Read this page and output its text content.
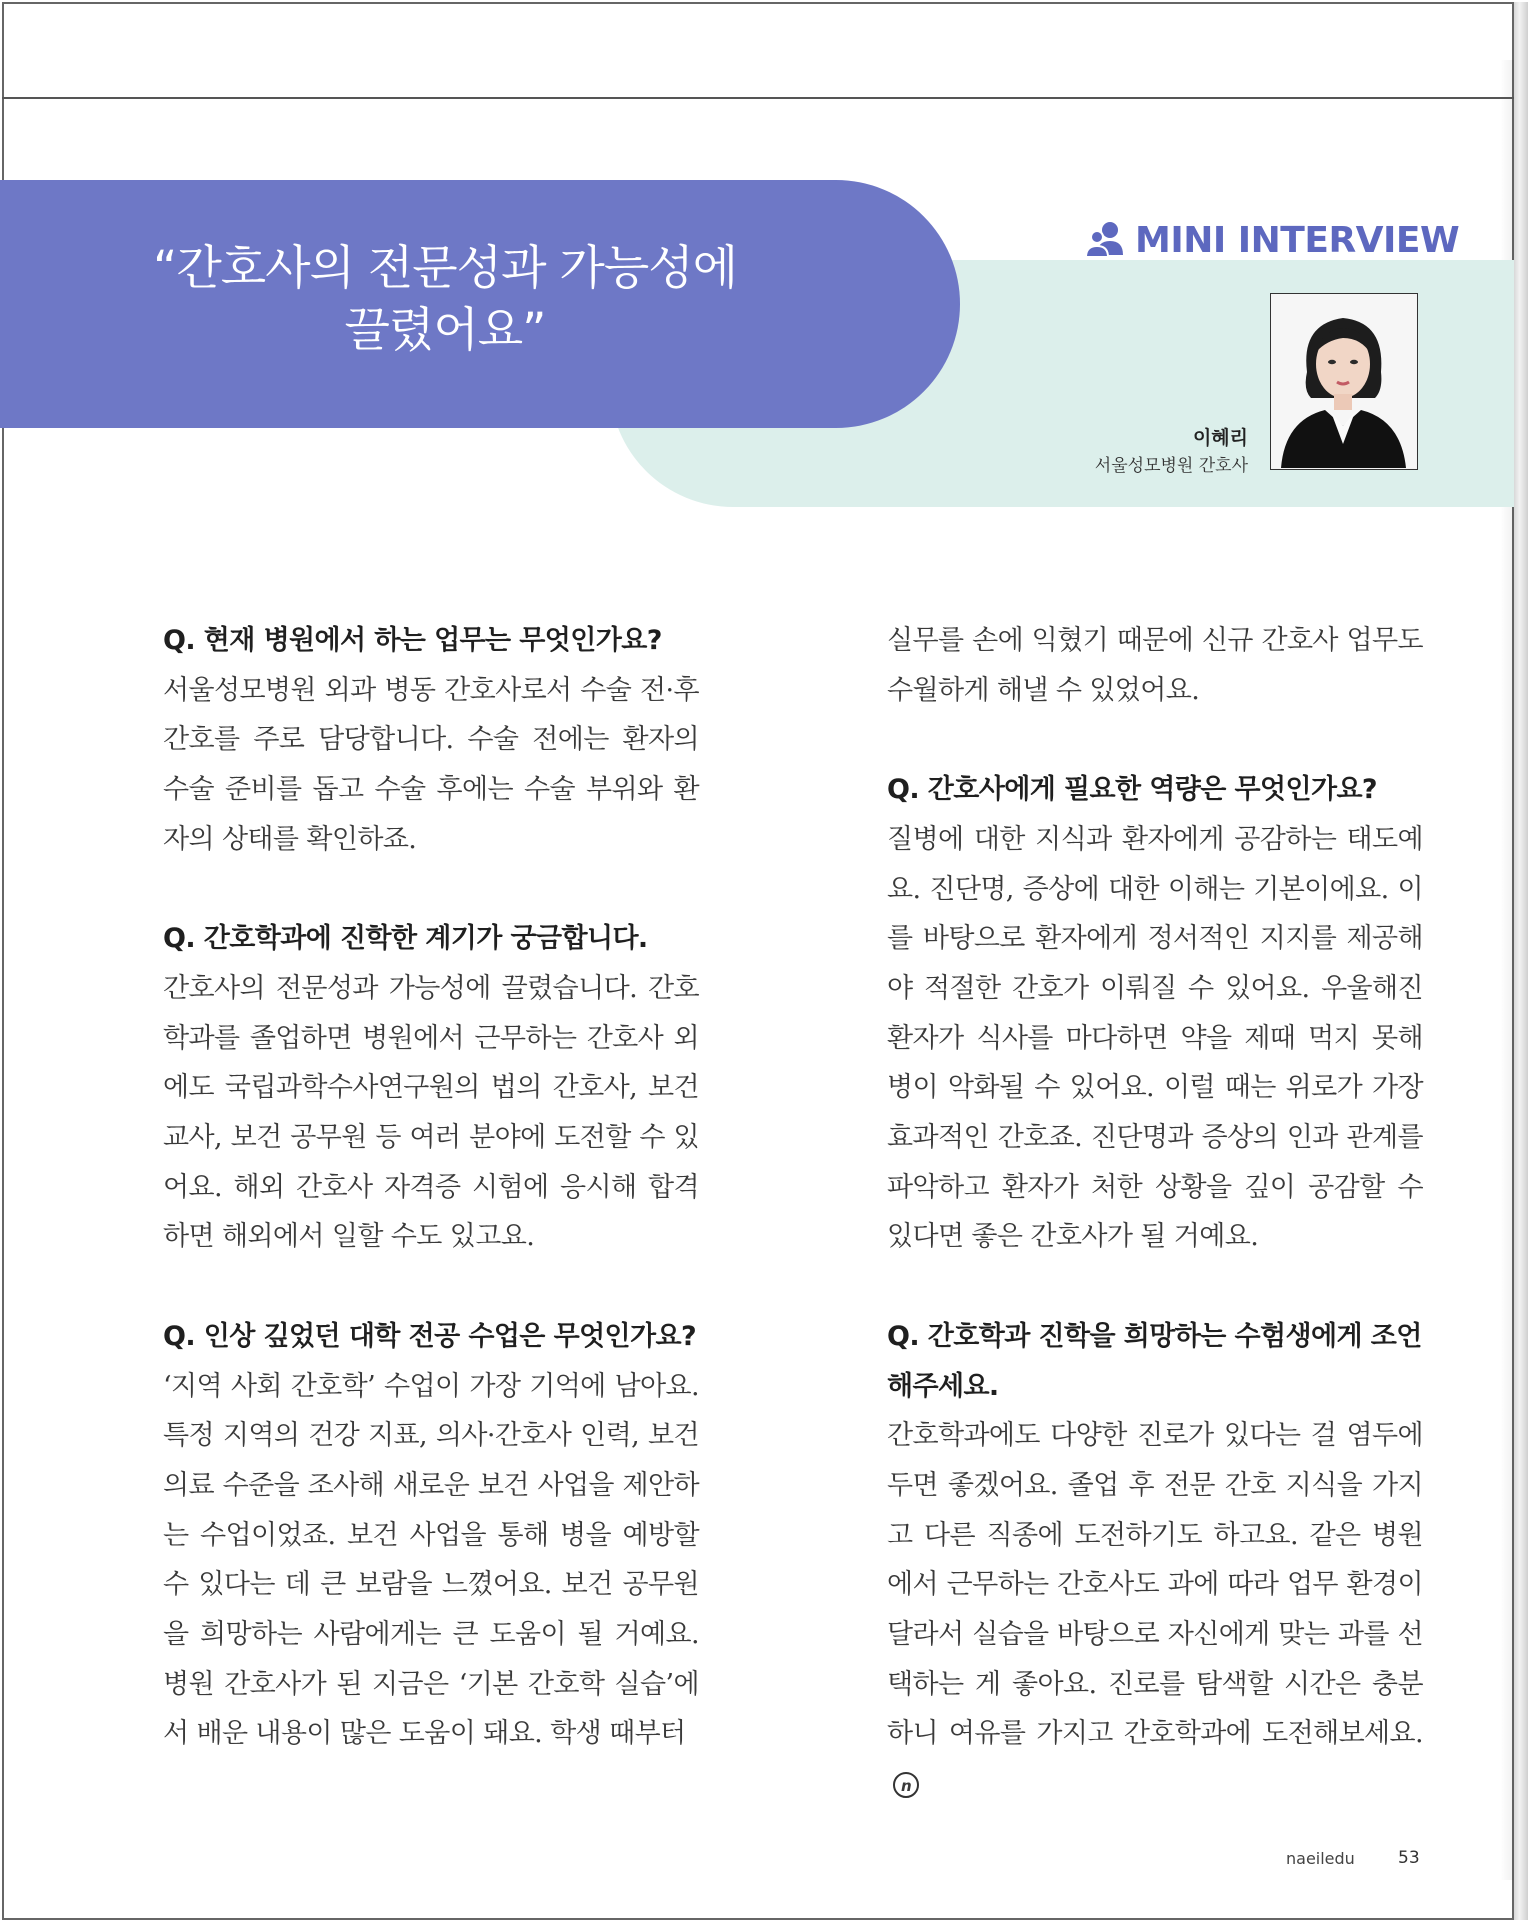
“간호사의 전문성과 가능성에
끌렸어요”
MINI INTERVIEW
이혜리
서울성모병원 간호사

Q. 현재 병원에서 하는 업무는 무엇인가요?

서울성모병원 외과 병동 간호사로서 수술 전·후 간호를 주로 담당합니다. 수술 전에는 환자의 수술 준비를 돕고 수술 후에는 수술 부위와 환자의 상태를 확인하죠.

Q. 간호학과에 진학한 계기가 궁금합니다.

간호사의 전문성과 가능성에 끌렸습니다. 간호학과를 졸업하면 병원에서 근무하는 간호사 외에도 국립과학수사연구원의 법의 간호사, 보건교사, 보건 공무원 등 여러 분야에 도전할 수 있어요. 해외 간호사 자격증 시험에 응시해 합격하면 해외에서 일할 수도 있고요.

Q. 인상 깊었던 대학 전공 수업은 무엇인가요?

‘지역 사회 간호학’ 수업이 가장 기억에 남아요. 특정 지역의 건강 지표, 의사·간호사 인력, 보건 의료 수준을 조사해 새로운 보건 사업을 제안하는 수업이었죠. 보건 사업을 통해 병을 예방할 수 있다는 데 큰 보람을 느꼈어요. 보건 공무원을 희망하는 사람에게는 큰 도움이 될 거예요. 병원 간호사가 된 지금은 ‘기본 간호학 실습’에서 배운 내용이 많은 도움이 돼요. 학생 때부터

실무를 손에 익혔기 때문에 신규 간호사 업무도 수월하게 해낼 수 있었어요.

Q. 간호사에게 필요한 역량은 무엇인가요?

질병에 대한 지식과 환자에게 공감하는 태도예요. 진단명, 증상에 대한 이해는 기본이에요. 이를 바탕으로 환자에게 정서적인 지지를 제공해야 적절한 간호가 이뤄질 수 있어요. 우울해진 환자가 식사를 마다하면 약을 제때 먹지 못해 병이 악화될 수 있어요. 이럴 때는 위로가 가장 효과적인 간호죠. 진단명과 증상의 인과 관계를 파악하고 환자가 처한 상황을 깊이 공감할 수 있다면 좋은 간호사가 될 거예요.

Q. 간호학과 진학을 희망하는 수험생에게 조언해주세요.

간호학과에도 다양한 진로가 있다는 걸 염두에 두면 좋겠어요. 졸업 후 전문 간호 지식을 가지고 다른 직종에 도전하기도 하고요. 같은 병원에서 근무하는 간호사도 과에 따라 업무 환경이 달라서 실습을 바탕으로 자신에게 맞는 과를 선택하는 게 좋아요. 진로를 탐색할 시간은 충분하니 여유를 가지고 간호학과에 도전해보세요.n

naeiledu	53
